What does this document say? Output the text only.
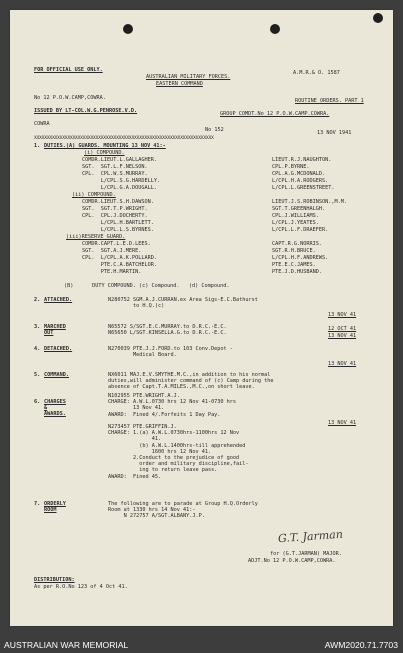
FOR OFFICIAL USE ONLY.	A.M.R.& O. 1587
AUSTRALIAN MILITARY FORCES.
EASTERN COMMAND
No 12 P.O.W.CAMP,COWRA.	ROUTINE ORDERS. PART 1
ISSUED BY LT-COL.W.G.PENROSE.V.D.	GROUP COMDT.No 12 P.O.W.CAMP.COWRA.
COWRA
No 152	13 NOV 1941
XXXXXXXXXXXXXXXXXXXXXXXXXXXXXXXXXXXXXXXXXXXXXXXXXXXXXXXXXXXXXXXXXXXXXX
1. DUTIES.(A) GUARDS. MOUNTING 13 NOV 41:-
(i) COMPOUND.
COMDR.LIEUT.L.GALLAGHER.	LIEUT.R.J.NAUGHTON.
SGT.  SGT.L.F.NELSON.	CPL.P.BYRNE.
CPL.  CPL.W.S.MURRAY.	CPL.A.G.MCDONALD.
L/CPL.S.G.HARDELLY.	L/CPL.H.A.RODGERS.
L/CPL.G.A.DOUGALL.	L/CPL.L.GREENSTREET.
(ii) COMPOUND.
COMDR.LIEUT.S.H.DAWSON.	LIEUT.J.S.ROBINSON.,M.M.
SGT.  SGT.T.P.WRIGHT.	SGT.T.GREENHALGH.
CPL.  CPL.J.DOCHERTY.	CPL.J.WILLIAMS.
L/CPL.H.BARTLETT.	L/CPL.J.YEATES.
L/CPL.L.S.BYRNES.	L/CPL.L.F.DRAEFER.
(iii)RESERVE GUARD.
COMDR.CAPT.L.E.D.LEES.	CAPT.R.G.NORRIS.
SGT.  SGT.A.J.MERE.	SGT.R.H.BRUCE.
CPL.  L/CPL.A.K.POLLARD.	L/CPL.H.F.ANDREWS.
PTE.C.A.BATCHELOR.	PTE.E.C.JAMES.
PTE.H.MARTIN.	PTE.J.D.HUSBAND.
(B)      DUTY COMPOUND. (c) Compound.   (d) Compound.
2. ATTACHED.	N280752 SGM.A.J.CURRAN.ex Area Sigs-E.C.Bathurst
to H.Q.(c)
13 NOV 41
3. MARCHED
OUT
N65572 S/SGT.E.C.MURRAY.to D.R.C.-E.C.
N65650 L/SGT.KINSELLA.G.to D.R.C.-E.C.
12 OCT 41
13 NOV 41
4. DETACHED.	N270039 PTE.J.J.FORD.to 103 Conv.Depot -
Medical Board.
13 NOV 41
5. COMMAND.	NX6011 MAJ.E.V.SMYTHE.M.C.,in addition to his normal
duties,will administer command of (c) Camp during the
absence of Capt.T.A.MILES.,M.C.,on short leave.
6. CHARGES
&
AWARDS.
N102955 PTE.WRIGHT.A.J.
CHARGE: A.W.L.0730 hrs 12 Nov 41-0730 hrs
13 Nov 41.
AWARD:  Fined 4/.Forfeits 1 Day Pay.

N273457 PTE.GRIFFIN.J.
CHARGE: 1.(a) A.W.L.0730hrs-1100hrs 12 Nov
41.
(b) A.W.L.1400hrs-till apprehended
1600 hrs 12 Nov 41.
2.Conduct to the prejudice of good
order and military discipline,fail-
ing to return leave pass.
AWARD:  Fined 45.
13 NOV 41
7. ORDERLY
ROOM
The following are to parade at Group H.Q.Orderly
Room at 1330 hrs 14 Nov 41:-
N 272757 A/SGT.ALBANY.J.P.
G.T. Jarman
for (G.T.JARMAN) MAJOR.
ADJT.No 12 P.O.W.CAMP,COWRA.
DISTRIBUTION:
As per R.O.No 123 of 4 Oct 41.
AUSTRALIAN WAR MEMORIAL	AWM2020.71.7703
